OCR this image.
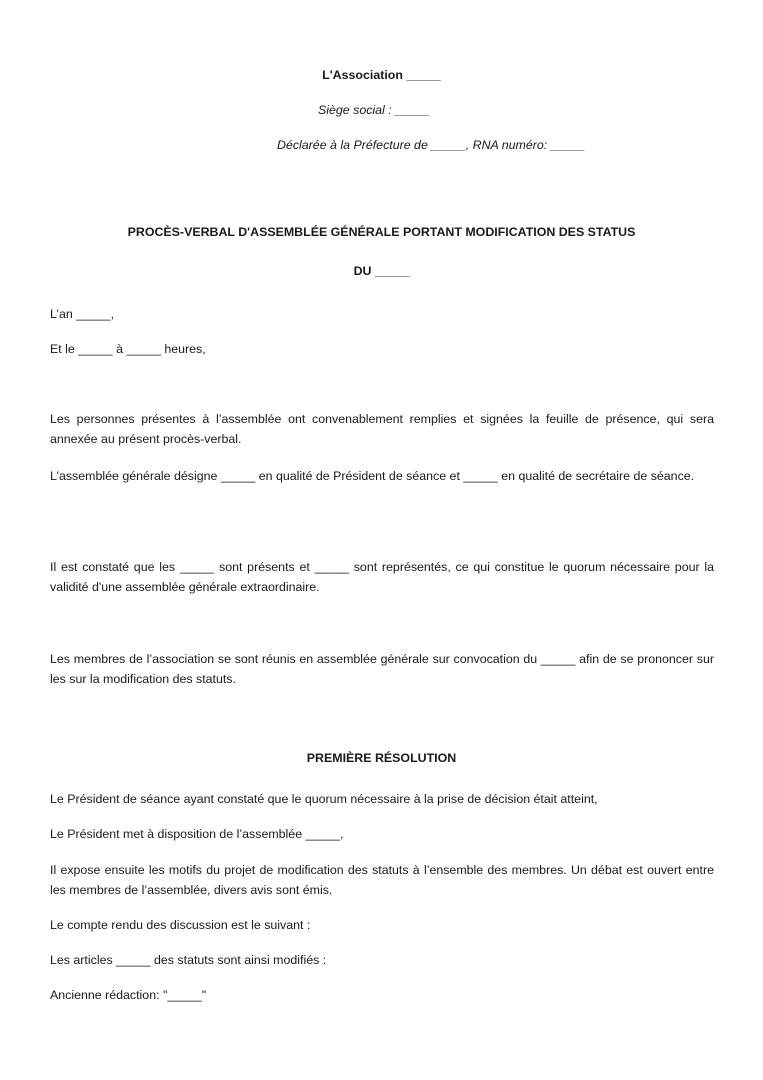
L'Association _____
Siège social : _____
Déclarée à la Préfecture de _____, RNA numéro: _____
PROCÈS-VERBAL D'ASSEMBLÉE GÉNÉRALE PORTANT MODIFICATION DES STATUS
DU _____
L’an _____,
Et le _____ à _____ heures,
Les personnes présentes à l’assemblée ont convenablement remplies et signées la feuille de présence, qui sera annexée au présent procès-verbal.
L’assemblée générale désigne _____ en qualité de Président de séance et _____ en qualité de secrétaire de séance.
Il est constaté que les _____ sont présents et _____ sont représentés, ce qui constitue le quorum nécessaire pour la validité d'une assemblée générale extraordinaire.
Les membres de l’association se sont réunis en assemblée générale sur convocation du _____ afin de se prononcer sur les sur la modification des statuts.
PREMIÈRE RÉSOLUTION
Le Président de séance ayant constaté que le quorum nécessaire à la prise de décision était atteint,
Le Président met à disposition de l’assemblée _____,
Il expose ensuite les motifs du projet de modification des statuts à l’ensemble des membres. Un débat est ouvert entre les membres de l’assemblée, divers avis sont émis.
Le compte rendu des discussion est le suivant :
Les articles _____ des statuts sont ainsi modifiés :
Ancienne rédaction: "_____"
